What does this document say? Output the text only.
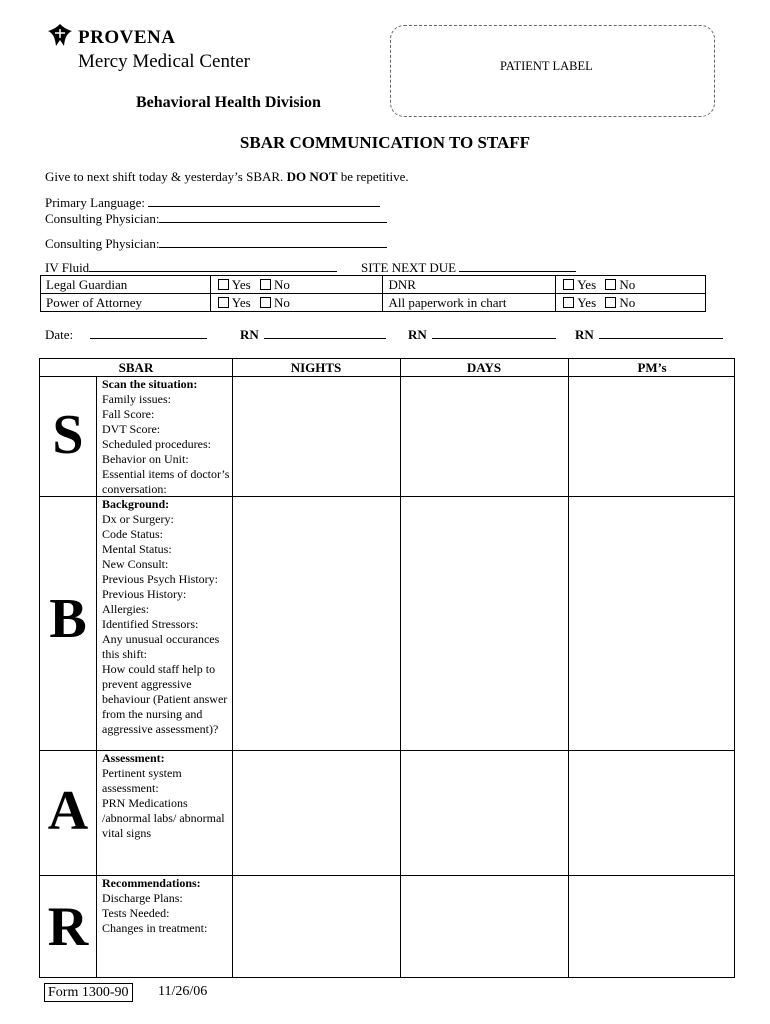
PROVENA
Mercy Medical Center
Behavioral Health Division
PATIENT LABEL
SBAR COMMUNICATION TO STAFF
Give to next shift today & yesterday’s SBAR. DO NOT be repetitive.
Primary Language:
Consulting Physician:
Consulting Physician:
IV Fluid	SITE NEXT DUE
Legal Guardian	Yes No	DNR	Yes No
Power of Attorney	Yes No	All paperwork in chart	Yes No
Date:	RN	RN	RN
SBAR	NIGHTS	DAYS	PM’s
S
Scan the situation:
Family issues:
Fall Score:
DVT Score:
Scheduled procedures:
Behavior on Unit:
Essential items of doctor’s conversation:
B
Background:
Dx or Surgery:
Code Status:
Mental Status:
New Consult:
Previous Psych History:
Previous History:
Allergies:
Identified Stressors:
Any unusual occurances this shift:
How could staff help to prevent aggressive behaviour (Patient answer from the nursing and aggressive assessment)?
A
Assessment:
Pertinent system assessment:
PRN Medications /abnormal labs/ abnormal vital signs
R
Recommendations:
Discharge Plans:
Tests Needed:
Changes in treatment:
Form 1300-90 11/26/06
